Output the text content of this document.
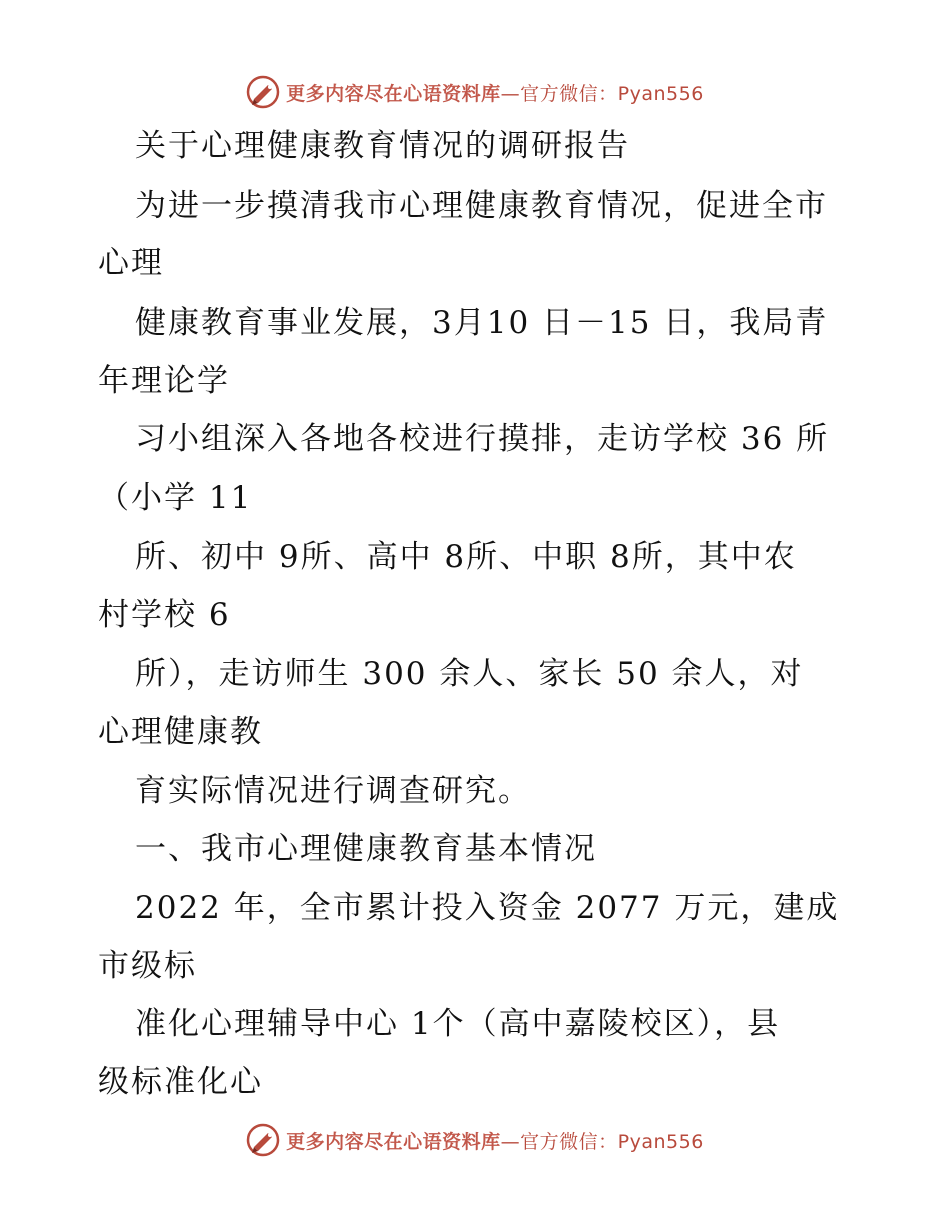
更多内容尽在心语资料库—官方微信：Pyan556
关于心理健康教育情况的调研报告
为进一步摸清我市心理健康教育情况，促进全市
心理
健康教育事业发展，3月10 日－15 日，我局青
年理论学
习小组深入各地各校进行摸排，走访学校 36 所
（小学 11
所、初中 9所、高中 8所、中职 8所，其中农
村学校 6
所），走访师生 300 余人、家长 50 余人，对
心理健康教
育实际情况进行调查研究。
一、我市心理健康教育基本情况
2022 年，全市累计投入资金 2077 万元，建成
市级标
准化心理辅导中心 1个（高中嘉陵校区），县
级标准化心
更多内容尽在心语资料库—官方微信：Pyan556
